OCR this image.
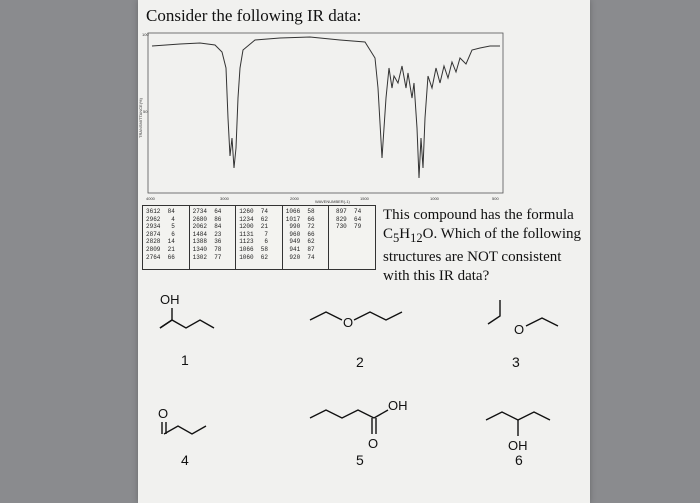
Consider the following IR data:
100
50
TRANSMITTANCE(%)
4000	3000	2000	1500	1000	500
WAVENUMBER(-1)
3612  84
2962   4
2934   5
2874   6
2828  14
2809  21
2764  66
2734  64
2680  86
2062  84
1484  23
1388  36
1340  78
1302  77
1260  74
1234  62
1200  21
1131   7
1123   6
1066  58
1060  62
1066  58
1017  66
990  72
960  66
949  62
941  87
920  74
897  74
829  64
730  79
This compound has the formula $C_5H_{12}O$. Which of the following structures are NOT consistent with this IR data?
OH
1
O
2
O
3
O
4
OH
O
5
OH
6
